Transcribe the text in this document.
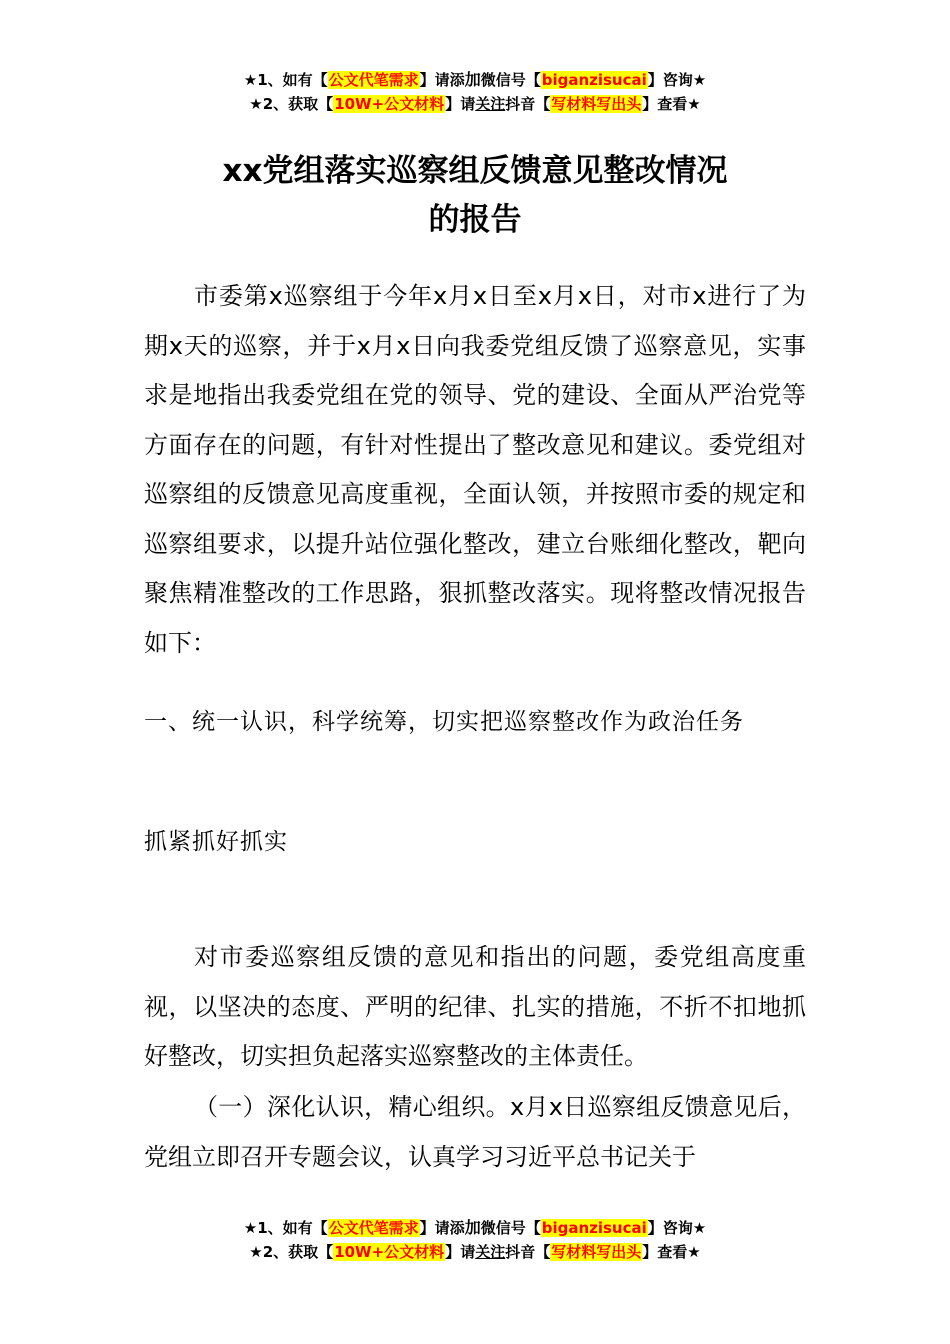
★1、如有【公文代笔需求】请添加微信号【biganzisucai】咨询★
★2、获取【10W+公文材料】请关注抖音【写材料写出头】查看★
xx党组落实巡察组反馈意见整改情况
的报告
市委第x巡察组于今年x月x日至x月x日，对市x进行了为期x天的巡察，并于x月x日向我委党组反馈了巡察意见，实事求是地指出我委党组在党的领导、党的建设、全面从严治党等方面存在的问题，有针对性提出了整改意见和建议。委党组对巡察组的反馈意见高度重视，全面认领，并按照市委的规定和巡察组要求，以提升站位强化整改，建立台账细化整改，靶向聚焦精准整改的工作思路，狠抓整改落实。现将整改情况报告如下：
一、统一认识，科学统筹，切实把巡察整改作为政治任务
抓紧抓好抓实
对市委巡察组反馈的意见和指出的问题，委党组高度重视，以坚决的态度、严明的纪律、扎实的措施，不折不扣地抓好整改，切实担负起落实巡察整改的主体责任。
（一）深化认识，精心组织。x月x日巡察组反馈意见后，党组立即召开专题会议，认真学习习近平总书记关于
★1、如有【公文代笔需求】请添加微信号【biganzisucai】咨询★
★2、获取【10W+公文材料】请关注抖音【写材料写出头】查看★
